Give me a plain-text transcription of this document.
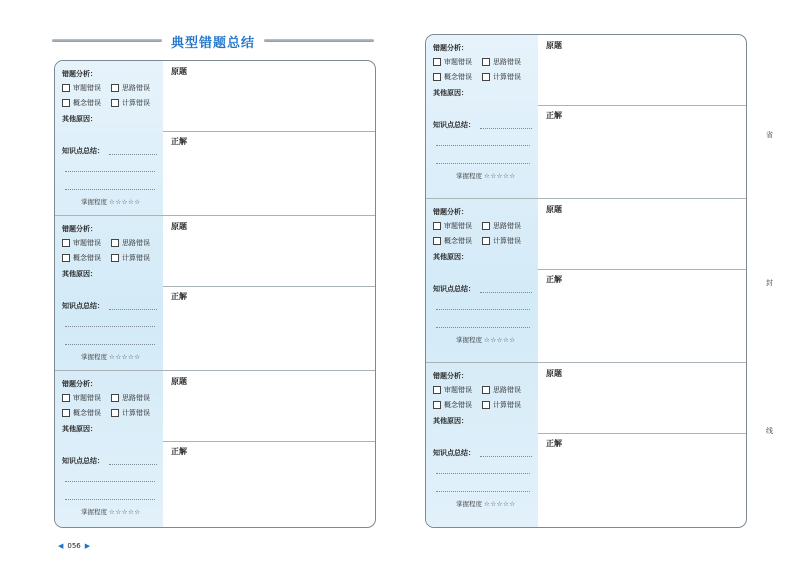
典型错题总结
错题分析：
审题错误	思路错误
概念错误	计算错误
其他原因：
知识点总结：
掌握程度 ☆☆☆☆☆
原题
正解
错题分析：
审题错误	思路错误
概念错误	计算错误
其他原因：
知识点总结：
掌握程度 ☆☆☆☆☆
原题
正解
错题分析：
审题错误	思路错误
概念错误	计算错误
其他原因：
知识点总结：
掌握程度 ☆☆☆☆☆
原题
正解
错题分析：
审题错误	思路错误
概念错误	计算错误
其他原因：
知识点总结：
掌握程度 ☆☆☆☆☆
原题
正解
错题分析：
审题错误	思路错误
概念错误	计算错误
其他原因：
知识点总结：
掌握程度 ☆☆☆☆☆
原题
正解
错题分析：
审题错误	思路错误
概念错误	计算错误
其他原因：
知识点总结：
掌握程度 ☆☆☆☆☆
原题
正解
◀ 056 ▶
省
封
线
